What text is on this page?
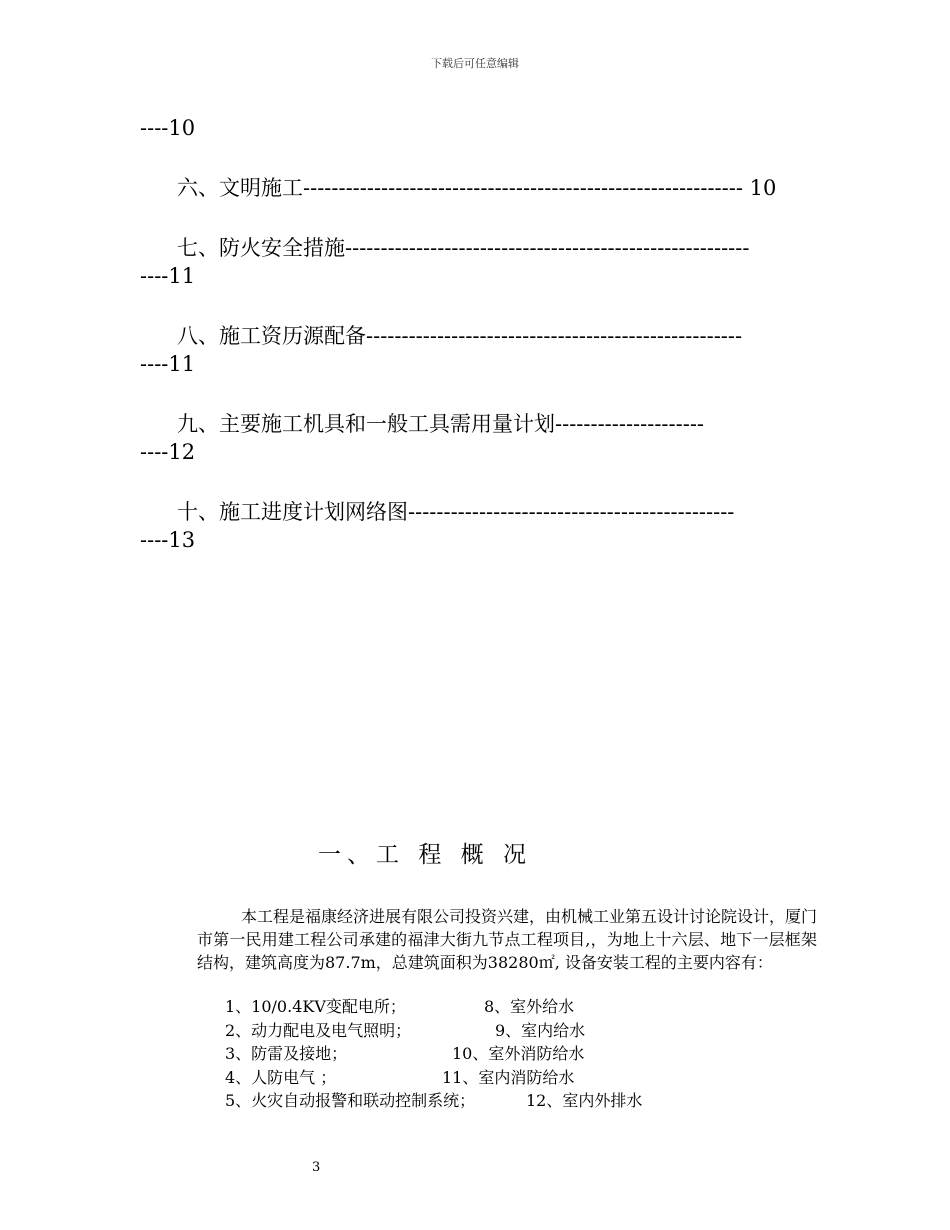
下载后可任意编辑
----10
六、文明施工-------------------------------------------------------------- 10
七、防火安全措施---------------------------------------------------------
----11
八、施工资历源配备-----------------------------------------------------
----11
九、主要施工机具和一般工具需用量计划---------------------
----12
十、施工进度计划网络图----------------------------------------------
----13
一、工 程 概 况

本工程是福康经济进展有限公司投资兴建，由机械工业第五设计讨论院设计，厦门市第一民用建工程公司承建的福津大街九节点工程项目,，为地上十六层、地下一层框架结构，建筑高度为87.7m，总建筑面积为38280㎡, 设备安装工程的主要内容有：

1、10/0.4KV变配电所；	8、室外给水
2、动力配电及电气照明；	9、室内给水
3、防雷及接地；	10、室外消防给水
4、人防电气 ；	11、室内消防给水
5、火灾自动报警和联动控制系统；	12、室内外排水
3
